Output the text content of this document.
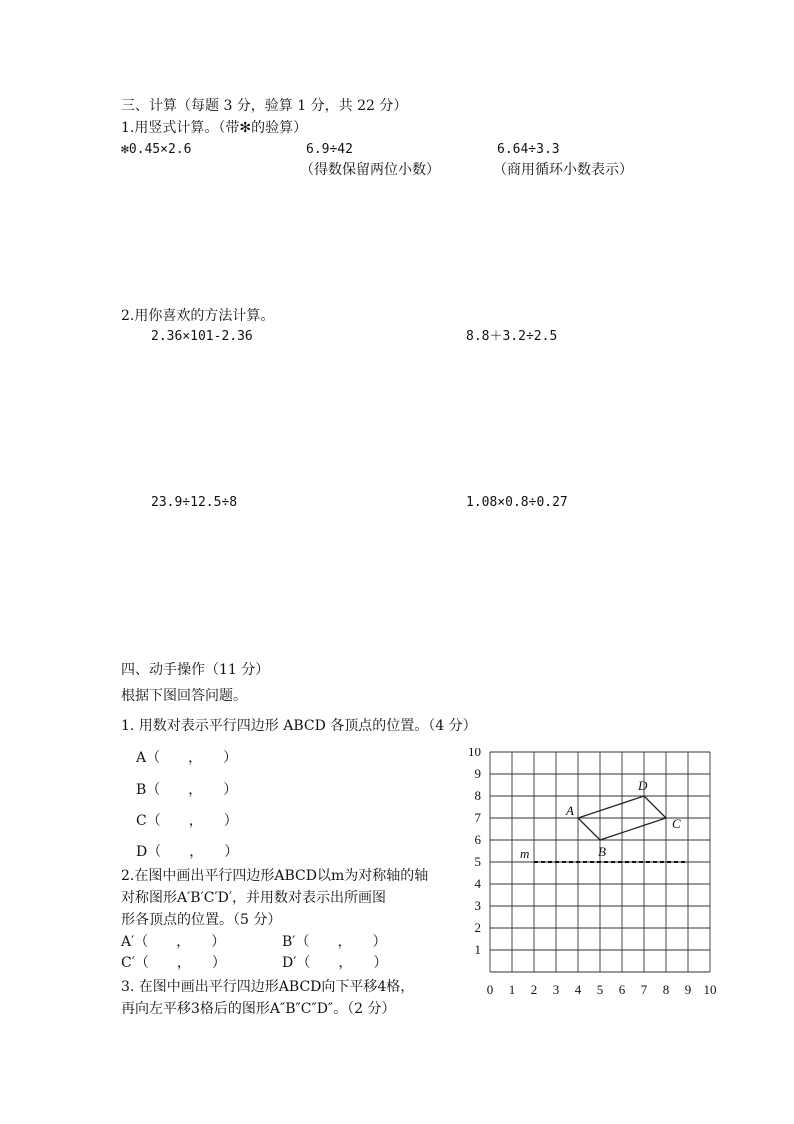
三、计算（每题 3 分，验算 1 分，共 22 分）
1.用竖式计算。（带✻的验算）
✻0.45×2.6	6.9÷42
（得数保留两位小数）
6.64÷3.3
（商用循环小数表示）
2.用你喜欢的方法计算。
2.36×101-2.36	8.8＋3.2÷2.5
23.9÷12.5÷8	1.08×0.8÷0.27
四、动手操作（11 分）
根据下图回答问题。
1. 用数对表示平行四边形 ABCD 各顶点的位置。（4 分）
A（　　，　　）
B（　　，　　）
C（　　，　　）
D（　　，　　）
2.在图中画出平行四边形ABCD以m为对称轴的轴
对称图形A′B′C′D′，并用数对表示出所画图
形各顶点的位置。（5 分）
A′（　　，　　）	B′（　　，　　）
C′（　　，　　）	D′（　　，　　）
3. 在图中画出平行四边形ABCD向下平移4格，
再向左平移3格后的图形A″B″C″D″。（2 分）
0 1 2 3 4 5 6 7 8 9 10
1
2
3
4
5
6
7
8
9
10
m
A
B
C
D
